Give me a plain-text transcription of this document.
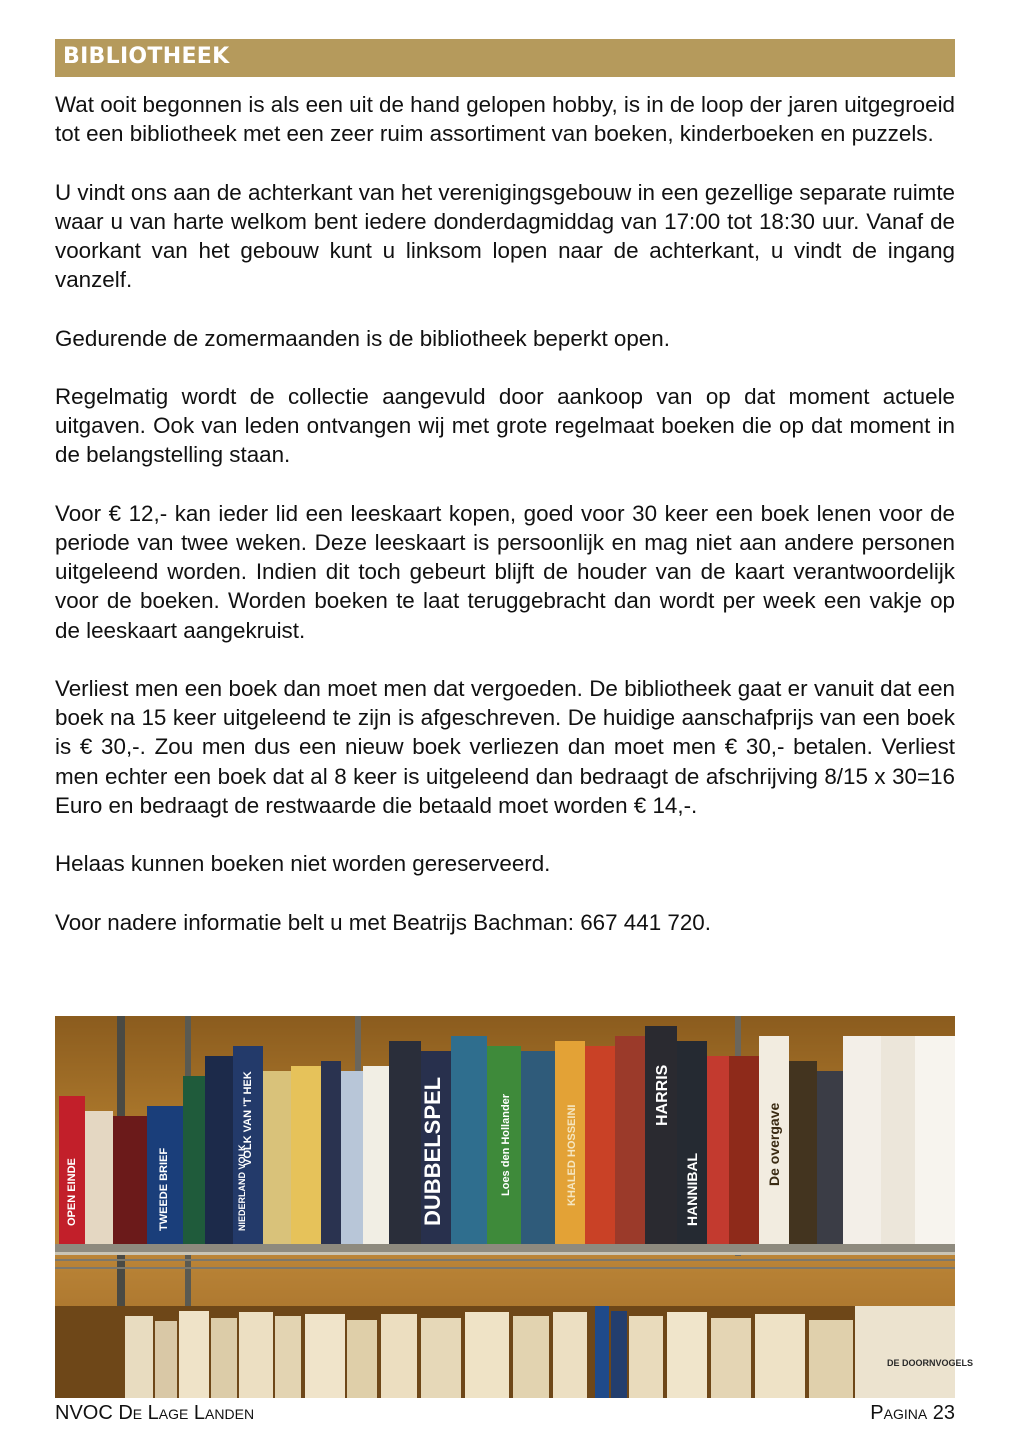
BIBLIOTHEEK

Wat ooit begonnen is als een uit de hand gelopen hobby, is in de loop der jaren uitgegroeid tot een bibliotheek met een zeer ruim assortiment van boeken, kinderboeken en puzzels.

U vindt ons aan de achterkant van het verenigingsgebouw in een gezellige separate ruimte waar u van harte welkom bent iedere donderdagmiddag van 17:00 tot 18:30 uur. Vanaf de voorkant van het gebouw kunt u linksom lopen naar de achterkant, u vindt de ingang vanzelf.

Gedurende de zomermaanden is de bibliotheek beperkt open.

Regelmatig wordt de collectie aangevuld door aankoop van op dat moment actuele uitgaven. Ook van leden ontvangen wij met grote regelmaat boeken die op dat moment in de belangstelling staan.

Voor € 12,- kan ieder lid een leeskaart kopen, goed voor 30 keer een boek lenen voor de periode van twee weken. Deze leeskaart is persoonlijk en mag niet aan andere personen uitgeleend worden. Indien dit toch gebeurt blijft de houder van de kaart verantwoordelijk voor de boeken. Worden boeken te laat teruggebracht dan wordt per week een vakje op de leeskaart aangekruist.

Verliest men een boek dan moet men dat vergoeden. De bibliotheek gaat er vanuit dat een boek na 15 keer uitgeleend te zijn is afgeschreven. De huidige aanschafprijs van een boek is € 30,-. Zou men dus een nieuw boek verliezen dan moet men € 30,- betalen. Verliest men echter een boek dat al 8 keer is uitgeleend dan bedraagt de afschrijving 8/15 x 30=16 Euro en bedraagt de restwaarde die betaald moet worden € 14,-.

Helaas kunnen boeken niet worden gereserveerd.

Voor nadere informatie belt u met Beatrijs Bachman: 667 441 720.

OPEN EINDE	TWEEDE BRIEF
VOLK VAN 'T HEK
NIEDERLAND VOLK	DUBBELSPEL	Loes den Hollander	KHALED HOSSEINI
HARRIS
HANNIBAL
De overgave
DE DOORNVOGELS
NVOC De Lage Landen	Pagina 23
